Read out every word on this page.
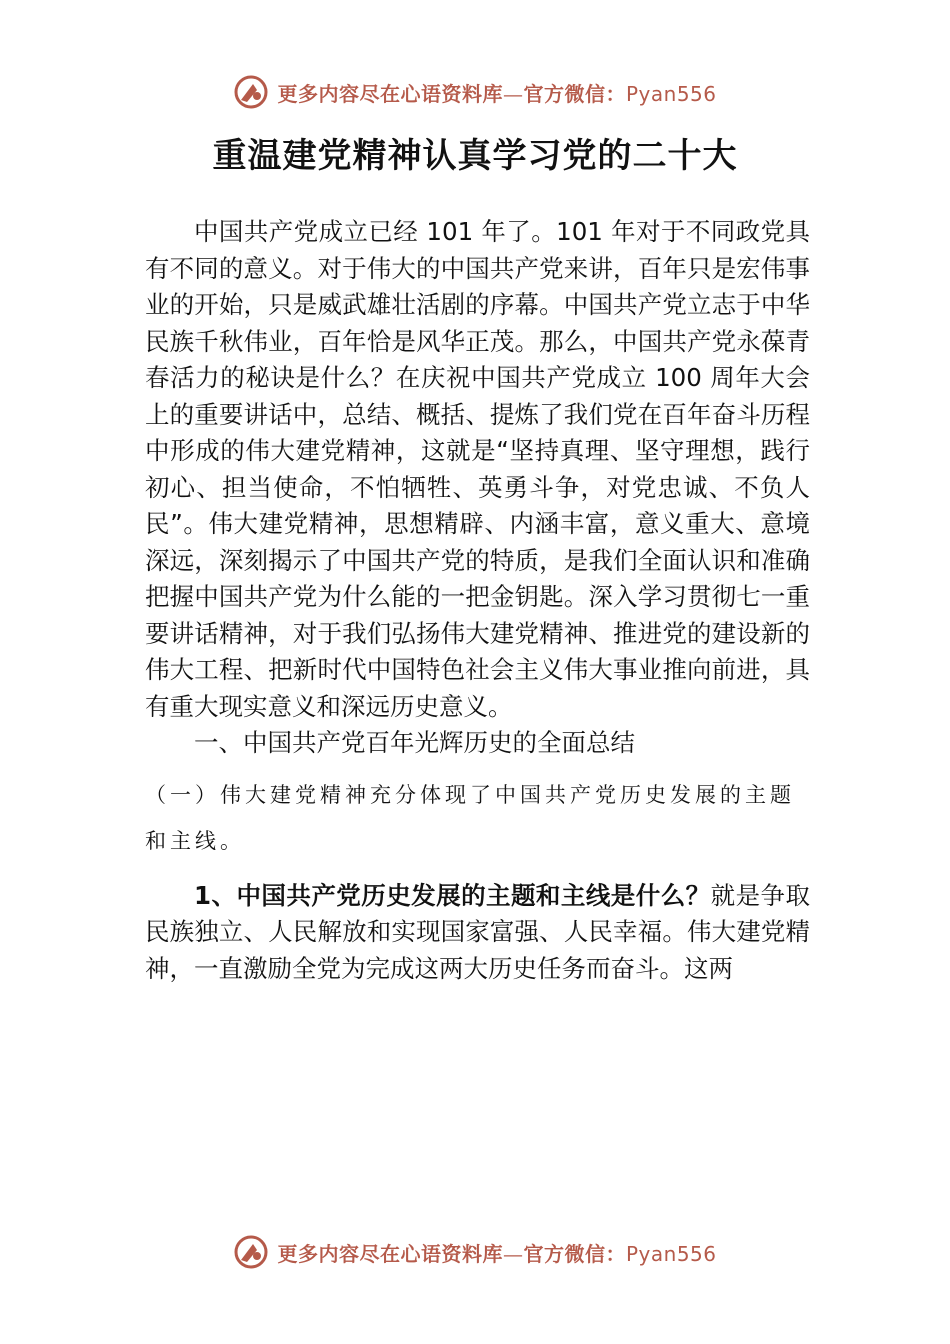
更多内容尽在心语资料库—官方微信：Pyan556
重温建党精神认真学习党的二十大

中国共产党成立已经 101 年了。101 年对于不同政党具有不同的意义。对于伟大的中国共产党来讲，百年只是宏伟事业的开始，只是威武雄壮活剧的序幕。中国共产党立志于中华民族千秋伟业，百年恰是风华正茂。那么，中国共产党永葆青春活力的秘诀是什么？在庆祝中国共产党成立 100 周年大会上的重要讲话中，总结、概括、提炼了我们党在百年奋斗历程中形成的伟大建党精神，这就是“坚持真理、坚守理想，践行初心、担当使命，不怕牺牲、英勇斗争，对党忠诚、不负人民”。伟大建党精神，思想精辟、内涵丰富，意义重大、意境深远，深刻揭示了中国共产党的特质，是我们全面认识和准确把握中国共产党为什么能的一把金钥匙。深入学习贯彻七一重要讲话精神，对于我们弘扬伟大建党精神、推进党的建设新的伟大工程、把新时代中国特色社会主义伟大事业推向前进，具有重大现实意义和深远历史意义。

一、中国共产党百年光辉历史的全面总结

（一）伟大建党精神充分体现了中国共产党历史发展的主题和主线。

1、中国共产党历史发展的主题和主线是什么？就是争取民族独立、人民解放和实现国家富强、人民幸福。伟大建党精神，一直激励全党为完成这两大历史任务而奋斗。这两

更多内容尽在心语资料库—官方微信：Pyan556
